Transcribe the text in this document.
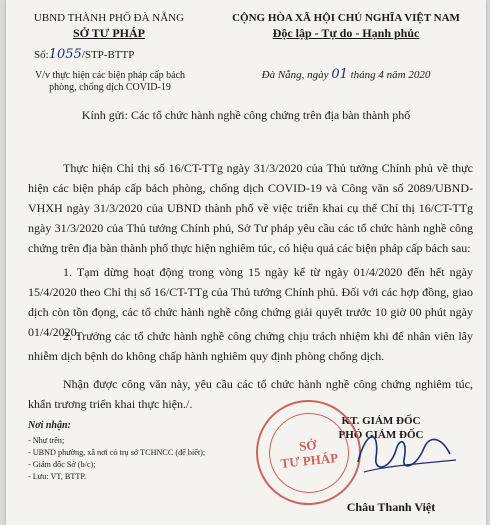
UBND THÀNH PHỐ ĐÀ NẴNG
SỞ TƯ PHÁP
Số:1055/STP-BTTP
V/v thực hiện các biện pháp cấp bách
phòng, chống dịch COVID-19
CỘNG HÒA XÃ HỘI CHỦ NGHĨA VIỆT NAM
Độc lập - Tự do - Hạnh phúc
Đà Nẵng, ngày 01 tháng 4 năm 2020
Kính gửi: Các tổ chức hành nghề công chứng trên địa bàn thành phố
Thực hiện Chỉ thị số 16/CT-TTg ngày 31/3/2020 của Thủ tướng Chính phủ về thực hiện các biện pháp cấp bách phòng, chống dịch COVID-19 và Công văn số 2089/UBND-VHXH ngày 31/3/2020 của UBND thành phố về việc triển khai cụ thể Chỉ thị 16/CT-TTg ngày 31/3/2020 của Thủ tướng Chính phủ, Sở Tư pháp yêu cầu các tổ chức hành nghề công chứng trên địa bàn thành phố thực hiện nghiêm túc, có hiệu quả các biện pháp cấp bách sau:
1. Tạm dừng hoạt động trong vòng 15 ngày kể từ ngày 01/4/2020 đến hết ngày 15/4/2020 theo Chỉ thị số 16/CT-TTg của Thủ tướng Chính phủ. Đối với các hợp đồng, giao dịch còn tồn đọng, các tổ chức hành nghề công chứng giải quyết trước 10 giờ 00 phút ngày 01/4/2020.
2. Trưởng các tổ chức hành nghề công chứng chịu trách nhiệm khi để nhân viên lây nhiễm dịch bệnh do không chấp hành nghiêm quy định phòng chống dịch.
Nhận được công văn này, yêu cầu các tổ chức hành nghề công chứng nghiêm túc, khẩn trương triển khai thực hiện./.
Nơi nhận:
- Như trên;
- UBND phường, xã nơi có trụ sở TCHNCC (để biết);
- Giám đốc Sở (b/c);
- Lưu: VT, BTTP.
KT. GIÁM ĐỐC
PHÓ GIÁM ĐỐC
SỞ
TƯ PHÁP
Châu Thanh Việt
